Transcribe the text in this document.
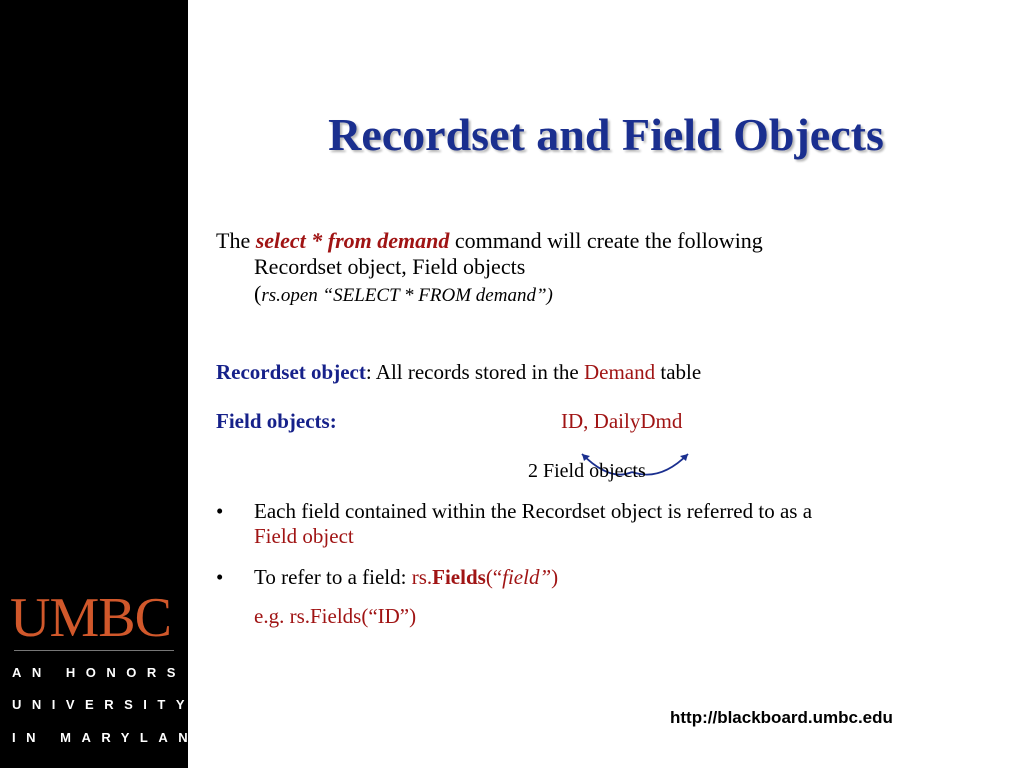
UMBC
AN HONORS
UNIVERSITY
IN MARYLAND
Recordset and Field Objects
The select * from demand command will create the following
Recordset object, Field objects
(rs.open “SELECT * FROM demand”)
Recordset object: All records stored in the Demand table
Field objects:	ID, DailyDmd
2 Field objects
• Each field contained within the Recordset object is referred to as a
Field object
• To refer to a field: rs.Fields(“field”)
e.g. rs.Fields(“ID”)
http://blackboard.umbc.edu
